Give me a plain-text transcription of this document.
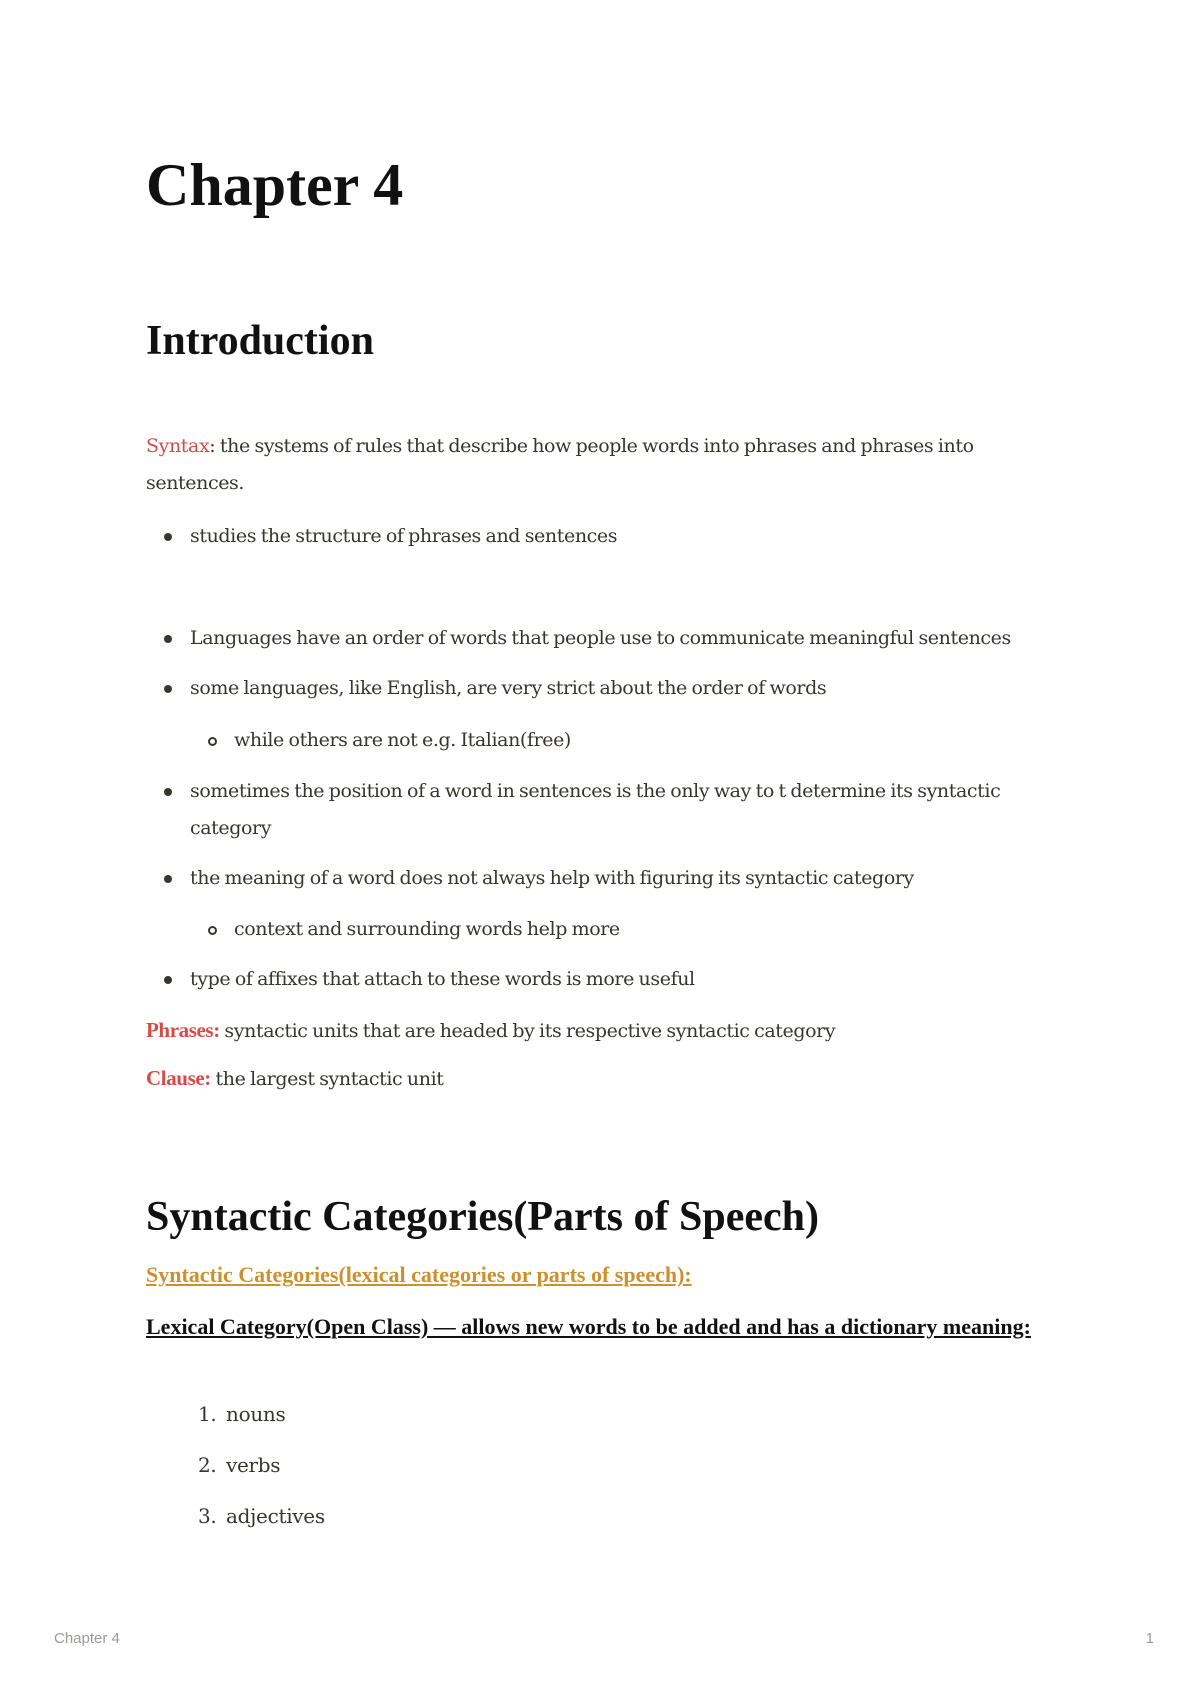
Chapter 4
Introduction

Syntax: the systems of rules that describe how people words into phrases and phrases into sentences.

studies the structure of phrases and sentences
Languages have an order of words that people use to communicate meaningful sentences
some languages, like English, are very strict about the order of words
while others are not e.g. Italian(free)
sometimes the position of a word in sentences is the only way to t determine its syntactic category
the meaning of a word does not always help with figuring its syntactic category
context and surrounding words help more
type of affixes that attach to these words is more useful

Phrases: syntactic units that are headed by its respective syntactic category

Clause: the largest syntactic unit

Syntactic Categories(Parts of Speech)
Syntactic Categories(lexical categories or parts of speech):
Lexical Category(Open Class) — allows new words to be added and has a dictionary meaning:
1. nouns
2. verbs
3. adjectives
Chapter 4	1
